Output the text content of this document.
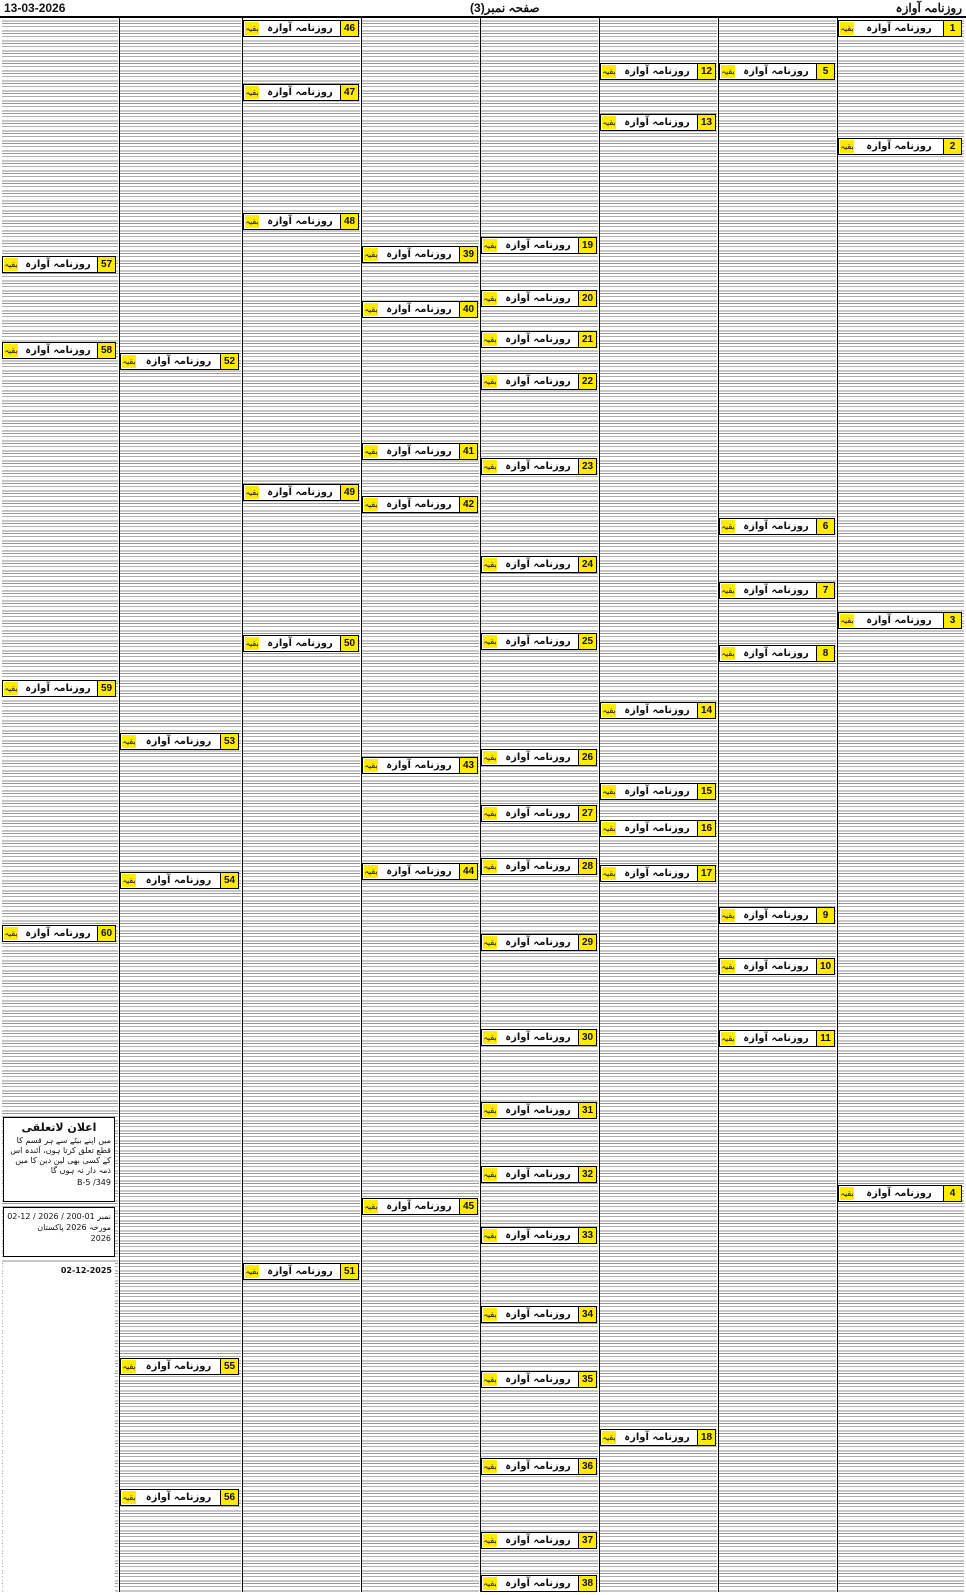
13-03-2026	صفحہ نمبر(3)	روزنامہ آوازہ
اعلان لاتعلقی
میں اپنے بیٹے سے ہر قسم کا قطع تعلق کرتا ہوں، آئندہ اس کے کسی بھی لین دین کا میں ذمہ دار نہ ہوں گا
349/ B-5
نمبر 01-200 / 2026 / 12-02 مورخہ 2026 پاکستان
2026
02-12-2025
بقیہ	روزنامہ آوازہ	1
بقیہ	روزنامہ آوازہ	2
بقیہ	روزنامہ آوازہ	3
بقیہ	روزنامہ آوازہ	4
بقیہ روزنامہ آوازہ	5
بقیہ روزنامہ آوازہ	6
بقیہ روزنامہ آوازہ	7
بقیہ روزنامہ آوازہ	8
بقیہ روزنامہ آوازہ	9
بقیہ روزنامہ آوازہ	10
بقیہ روزنامہ آوازہ	11
بقیہ روزنامہ آوازہ	12
بقیہ روزنامہ آوازہ	13
بقیہ روزنامہ آوازہ	14
بقیہ روزنامہ آوازہ	15
بقیہ روزنامہ آوازہ	16
بقیہ روزنامہ آوازہ	17
بقیہ روزنامہ آوازہ	18
بقیہ روزنامہ آوازہ	19
بقیہ روزنامہ آوازہ	20
بقیہ روزنامہ آوازہ	21
بقیہ روزنامہ آوازہ	22
بقیہ روزنامہ آوازہ	23
بقیہ روزنامہ آوازہ	24
بقیہ روزنامہ آوازہ	25
بقیہ روزنامہ آوازہ	26
بقیہ روزنامہ آوازہ	27
بقیہ روزنامہ آوازہ	28
بقیہ روزنامہ آوازہ	29
بقیہ روزنامہ آوازہ	30
بقیہ روزنامہ آوازہ	31
بقیہ روزنامہ آوازہ	32
بقیہ روزنامہ آوازہ	33
بقیہ روزنامہ آوازہ	34
بقیہ روزنامہ آوازہ	35
بقیہ روزنامہ آوازہ	36
بقیہ روزنامہ آوازہ	37
بقیہ روزنامہ آوازہ	38
بقیہ روزنامہ آوازہ	39
بقیہ روزنامہ آوازہ	40
بقیہ روزنامہ آوازہ	41
بقیہ روزنامہ آوازہ	42
بقیہ روزنامہ آوازہ	43
بقیہ روزنامہ آوازہ	44
بقیہ روزنامہ آوازہ	45
بقیہ روزنامہ آوازہ	46
بقیہ روزنامہ آوازہ	47
بقیہ روزنامہ آوازہ	48
بقیہ روزنامہ آوازہ	49
بقیہ روزنامہ آوازہ	50
بقیہ روزنامہ آوازہ	51
بقیہ	روزنامہ آوازہ	52
بقیہ	روزنامہ آوازہ	53
بقیہ	روزنامہ آوازہ	54
بقیہ	روزنامہ آوازہ	55
بقیہ	روزنامہ آوازہ	56
بقیہ روزنامہ آوازہ	57
بقیہ روزنامہ آوازہ	58
بقیہ روزنامہ آوازہ	59
بقیہ روزنامہ آوازہ	60
